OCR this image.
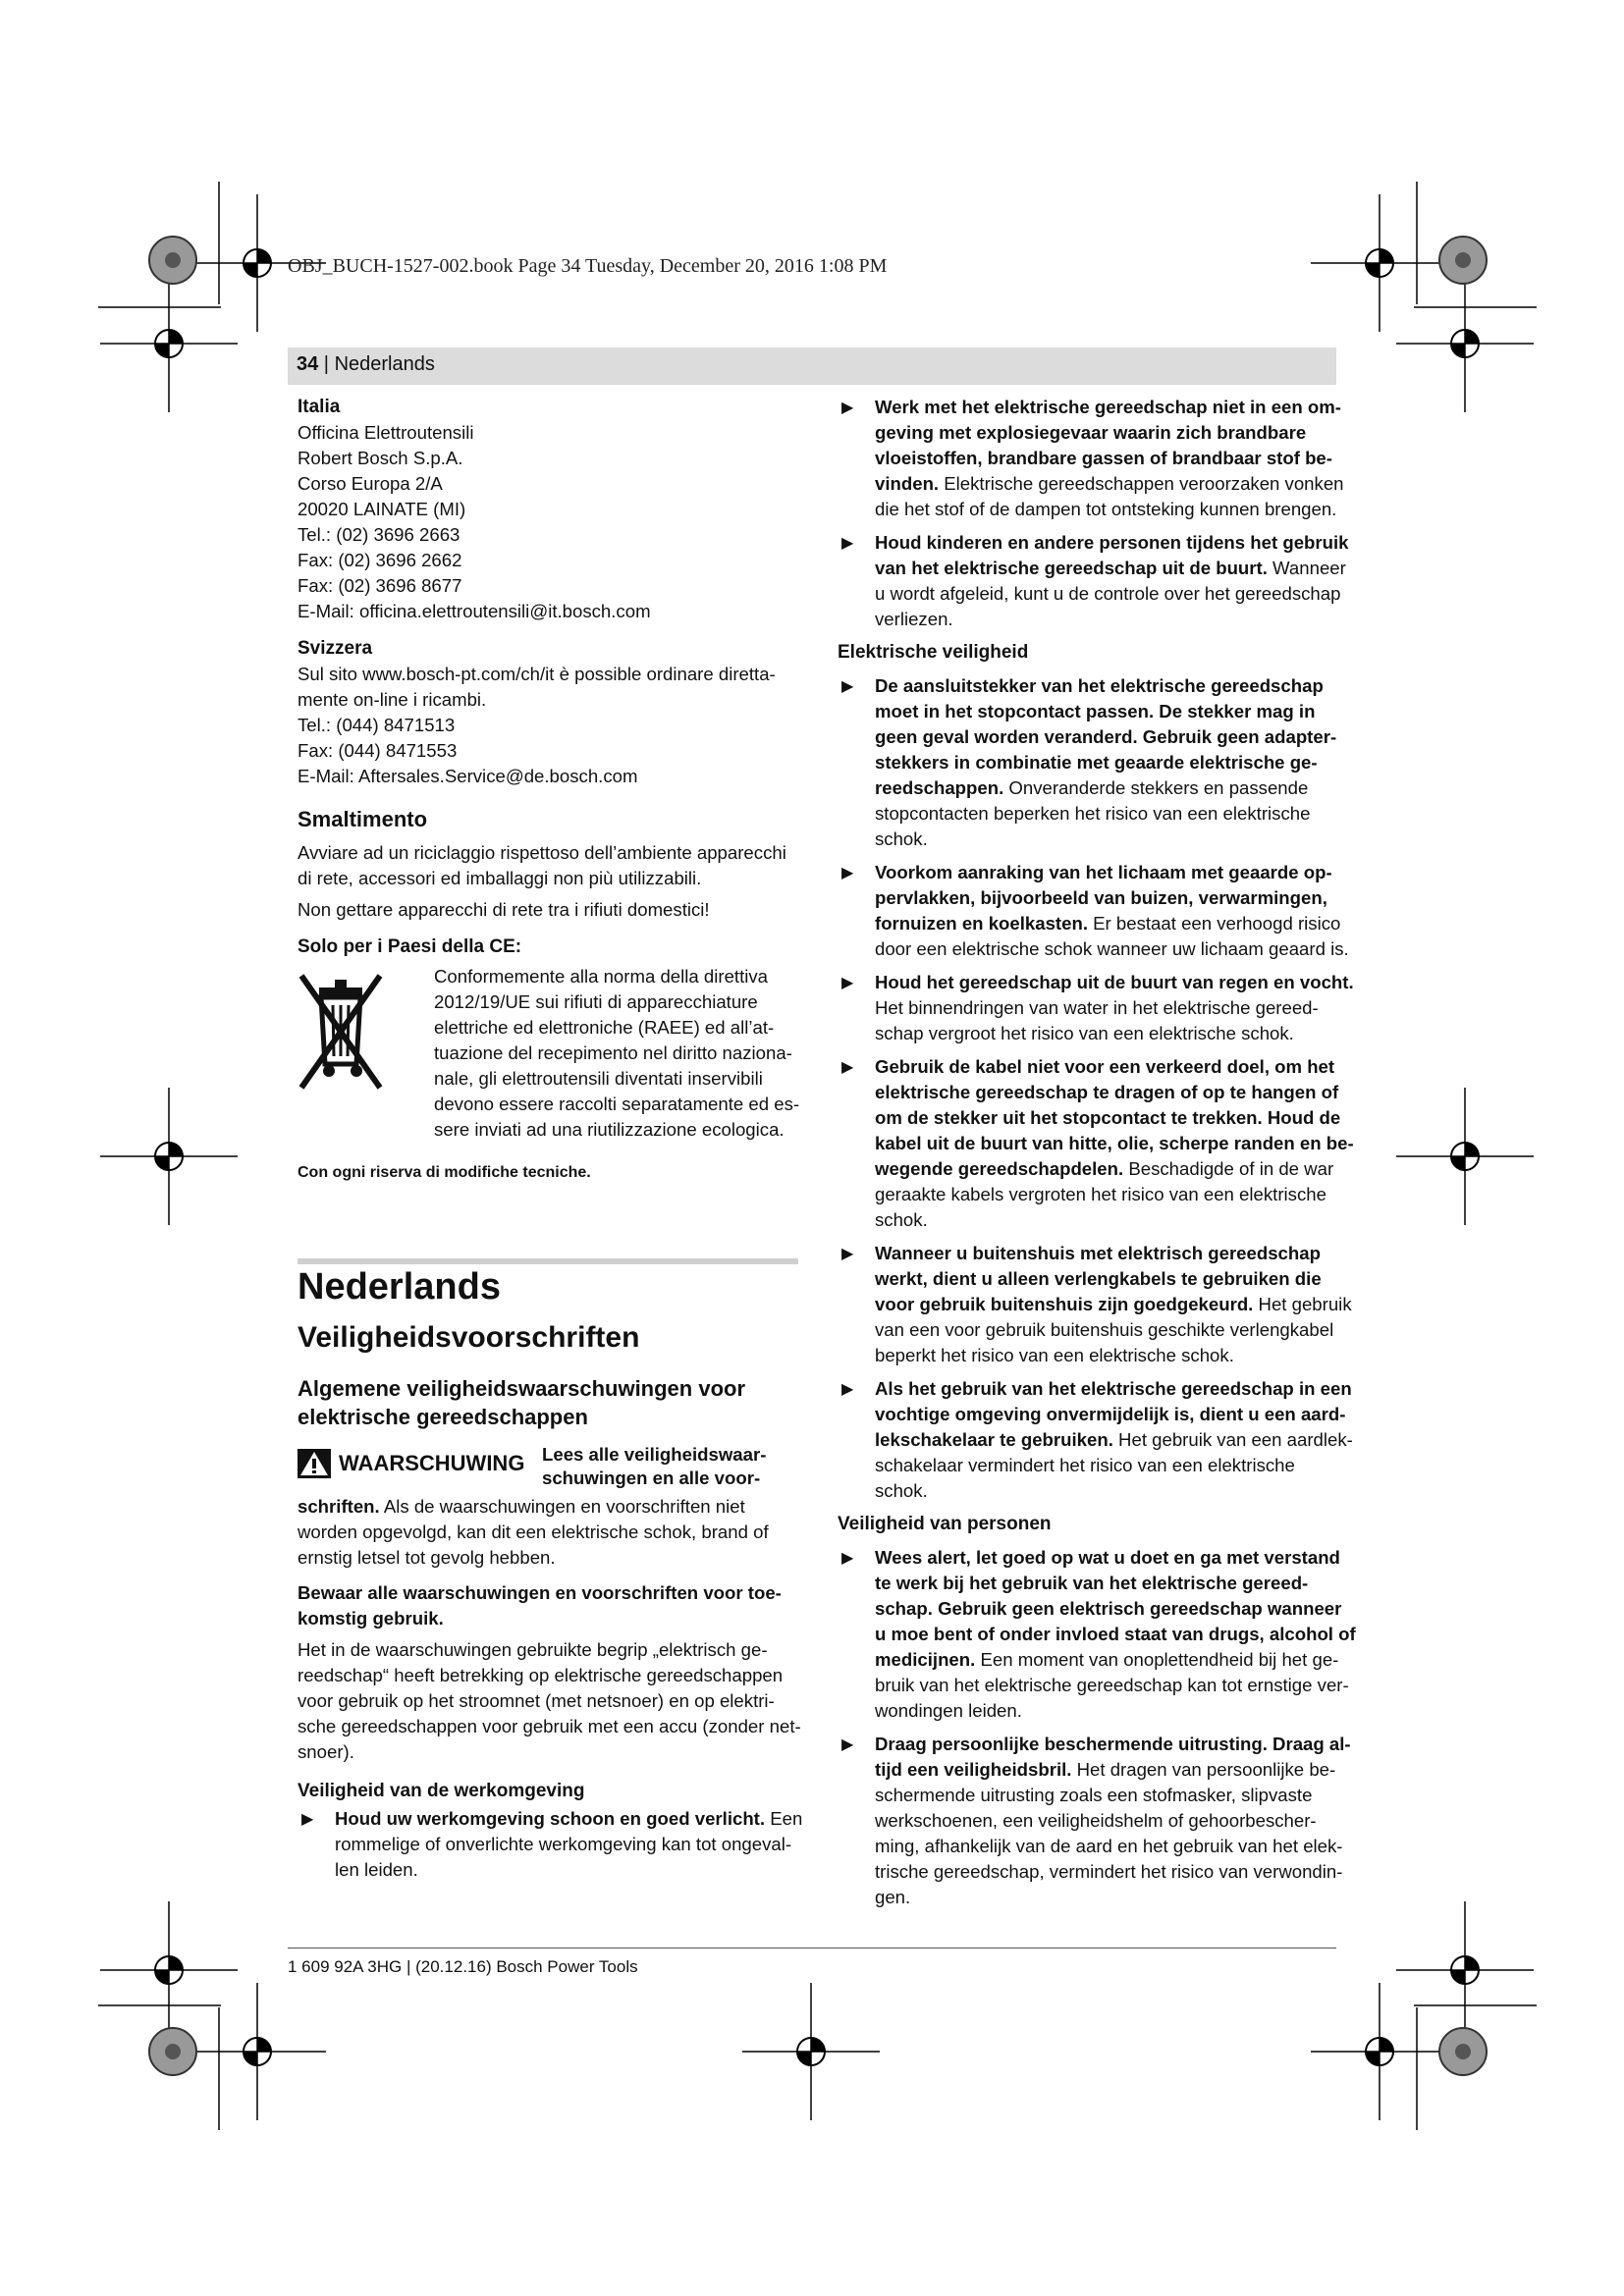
OBJ_BUCH-1527-002.book Page 34 Tuesday, December 20, 2016 1:08 PM
34 | Nederlands

Italia

Officina Elettroutensili

Robert Bosch S.p.A.

Corso Europa 2/A

20020 LAINATE (MI)

Tel.: (02) 3696 2663

Fax: (02) 3696 2662

Fax: (02) 3696 8677

E-Mail: officina.elettroutensili@it.bosch.com

Svizzera

Sul sito www.bosch-pt.com/ch/it è possible ordinare diretta-

mente on-line i ricambi.

Tel.: (044) 8471513

Fax: (044) 8471553

E-Mail: Aftersales.Service@de.bosch.com

Smaltimento

Avviare ad un riciclaggio rispettoso dell’ambiente apparecchi

di rete, accessori ed imballaggi non più utilizzabili.

Non gettare apparecchi di rete tra i rifiuti domestici!

Solo per i Paesi della CE:

Conformemente alla norma della direttiva

2012/19/UE sui rifiuti di apparecchiature

elettriche ed elettroniche (RAEE) ed all’at-

tuazione del recepimento nel diritto naziona-

nale, gli elettroutensili diventati inservibili

devono essere raccolti separatamente ed es-

sere inviati ad una riutilizzazione ecologica.

Con ogni riserva di modifiche tecniche.

Nederlands

Veiligheidsvoorschriften

Algemene veiligheidswaarschuwingen voor

elektrische gereedschappen

WAARSCHUWING Lees alle veiligheidswaar-

schuwingen en alle voor-

schriften. Als de waarschuwingen en voorschriften niet

worden opgevolgd, kan dit een elektrische schok, brand of

ernstig letsel tot gevolg hebben.

Bewaar alle waarschuwingen en voorschriften voor toe-

komstig gebruik.

Het in de waarschuwingen gebruikte begrip „elektrisch ge-

reedschap“ heeft betrekking op elektrische gereedschappen

voor gebruik op het stroomnet (met netsnoer) en op elektri-

sche gereedschappen voor gebruik met een accu (zonder net-

snoer).

Veiligheid van de werkomgeving

▶ Houd uw werkomgeving schoon en goed verlicht. Een

rommelige of onverlichte werkomgeving kan tot ongeval-

len leiden.

▶ Werk met het elektrische gereedschap niet in een om-

geving met explosiegevaar waarin zich brandbare

vloeistoffen, brandbare gassen of brandbaar stof be-

vinden. Elektrische gereedschappen veroorzaken vonken

die het stof of de dampen tot ontsteking kunnen brengen.

▶ Houd kinderen en andere personen tijdens het gebruik

van het elektrische gereedschap uit de buurt. Wanneer

u wordt afgeleid, kunt u de controle over het gereedschap

verliezen.

Elektrische veiligheid

▶ De aansluitstekker van het elektrische gereedschap

moet in het stopcontact passen. De stekker mag in

geen geval worden veranderd. Gebruik geen adapter-

stekkers in combinatie met geaarde elektrische ge-

reedschappen. Onveranderde stekkers en passende

stopcontacten beperken het risico van een elektrische

schok.

▶ Voorkom aanraking van het lichaam met geaarde op-

pervlakken, bijvoorbeeld van buizen, verwarmingen,

fornuizen en koelkasten. Er bestaat een verhoogd risico

door een elektrische schok wanneer uw lichaam geaard is.

▶ Houd het gereedschap uit de buurt van regen en vocht.

Het binnendringen van water in het elektrische gereed-

schap vergroot het risico van een elektrische schok.

▶ Gebruik de kabel niet voor een verkeerd doel, om het

elektrische gereedschap te dragen of op te hangen of

om de stekker uit het stopcontact te trekken. Houd de

kabel uit de buurt van hitte, olie, scherpe randen en be-

wegende gereedschapdelen. Beschadigde of in de war

geraakte kabels vergroten het risico van een elektrische

schok.

▶ Wanneer u buitenshuis met elektrisch gereedschap

werkt, dient u alleen verlengkabels te gebruiken die

voor gebruik buitenshuis zijn goedgekeurd. Het gebruik

van een voor gebruik buitenshuis geschikte verlengkabel

beperkt het risico van een elektrische schok.

▶ Als het gebruik van het elektrische gereedschap in een

vochtige omgeving onvermijdelijk is, dient u een aard-

lekschakelaar te gebruiken. Het gebruik van een aardlek-

schakelaar vermindert het risico van een elektrische

schok.

Veiligheid van personen

▶ Wees alert, let goed op wat u doet en ga met verstand

te werk bij het gebruik van het elektrische gereed-

schap. Gebruik geen elektrisch gereedschap wanneer

u moe bent of onder invloed staat van drugs, alcohol of

medicijnen. Een moment van onoplettendheid bij het ge-

bruik van het elektrische gereedschap kan tot ernstige ver-

wondingen leiden.

▶ Draag persoonlijke beschermende uitrusting. Draag al-

tijd een veiligheidsbril. Het dragen van persoonlijke be-

schermende uitrusting zoals een stofmasker, slipvaste

werkschoenen, een veiligheidshelm of gehoorbescher-

ming, afhankelijk van de aard en het gebruik van het elek-

trische gereedschap, vermindert het risico van verwondin-

gen.

1 609 92A 3HG | (20.12.16) Bosch Power Tools
